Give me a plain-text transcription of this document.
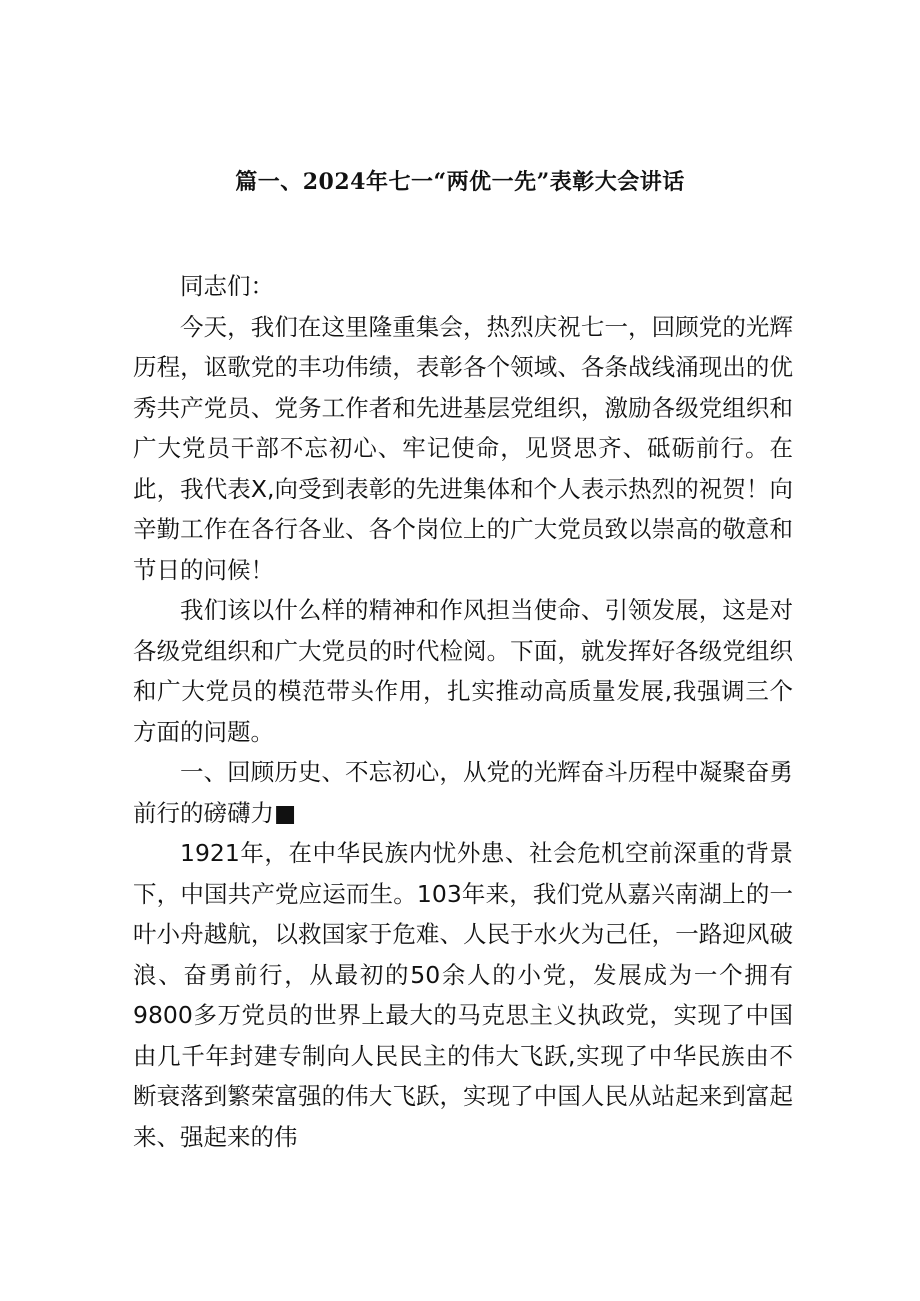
篇一、2024年七一“两优一先”表彰大会讲话

同志们：

今天，我们在这里隆重集会，热烈庆祝七一，回顾党的光辉历程，讴歌党的丰功伟绩，表彰各个领域、各条战线涌现出的优秀共产党员、党务工作者和先进基层党组织，激励各级党组织和广大党员干部不忘初心、牢记使命，见贤思齐、砥砺前行。在此，我代表X,向受到表彰的先进集体和个人表示热烈的祝贺！向辛勤工作在各行各业、各个岗位上的广大党员致以崇高的敬意和节日的问候！

我们该以什么样的精神和作风担当使命、引领发展，这是对各级党组织和广大党员的时代检阅。下面，就发挥好各级党组织和广大党员的模范带头作用，扎实推动高质量发展,我强调三个方面的问题。

一、回顾历史、不忘初心，从党的光辉奋斗历程中凝聚奋勇前行的磅礴力■

1921年，在中华民族内忧外患、社会危机空前深重的背景下，中国共产党应运而生。103年来，我们党从嘉兴南湖上的一叶小舟越航，以救国家于危难、人民于水火为己任，一路迎风破浪、奋勇前行，从最初的50余人的小党，发展成为一个拥有9800多万党员的世界上最大的马克思主义执政党，实现了中国由几千年封建专制向人民民主的伟大飞跃,实现了中华民族由不断衰落到繁荣富强的伟大飞跃，实现了中国人民从站起来到富起来、强起来的伟
